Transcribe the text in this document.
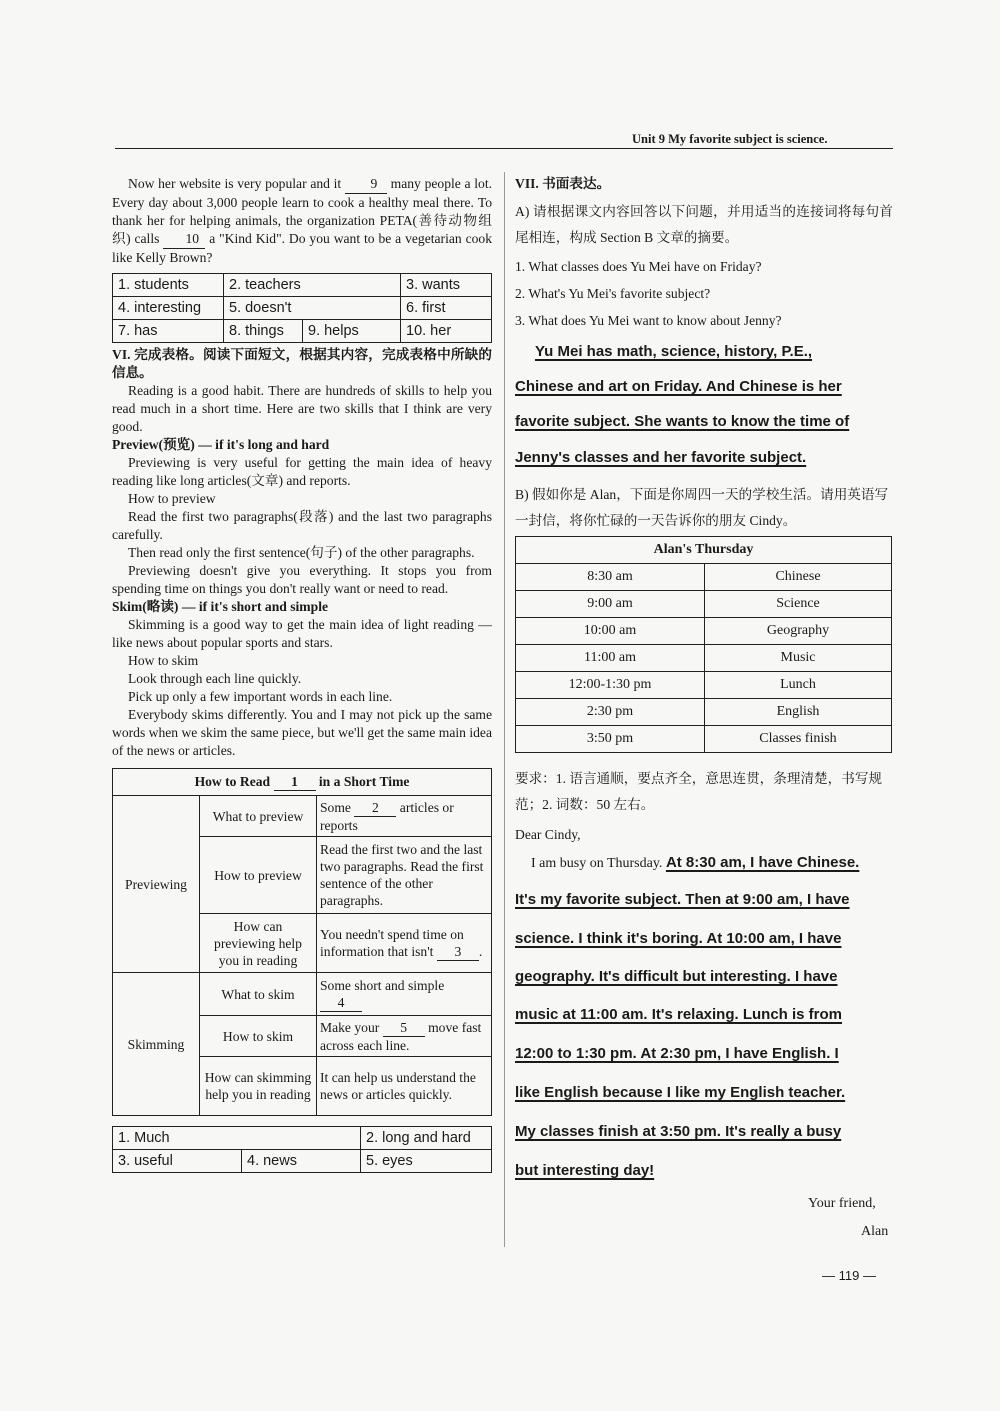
Unit 9 My favorite subject is science.

Now her website is very popular and it 9 many people a lot. Every day about 3,000 people learn to cook a healthy meal there. To thank her for helping animals, the organization PETA(善待动物组织) calls 10 a "Kind Kid". Do you want to be a vegetarian cook like Kelly Brown?

1. students	2. teachers		3. wants
4. interesting	5. doesn't		6. first
7. has	8. things	9. helps	10. her

VI. 完成表格。阅读下面短文，根据其内容，完成表格中所缺的信息。

Reading is a good habit. There are hundreds of skills to help you read much in a short time. Here are two skills that I think are very good.

Preview(预览) — if it's long and hard

Previewing is very useful for getting the main idea of heavy reading like long articles(文章) and reports.

How to preview

Read the first two paragraphs(段落) and the last two paragraphs carefully.

Then read only the first sentence(句子) of the other paragraphs.

Previewing doesn't give you everything. It stops you from spending time on things you don't really want or need to read.

Skim(略读) — if it's short and simple

Skimming is a good way to get the main idea of light reading — like news about popular sports and stars.

How to skim

Look through each line quickly.

Pick up only a few important words in each line.

Everybody skims differently. You and I may not pick up the same words when we skim the same piece, but we'll get the same main idea of the news or articles.

How to Read 1 in a Short Time		
Previewing	What to preview	Some 2 articles or reports
	How to preview	Read the first two and the last two paragraphs. Read the first sentence of the other paragraphs.
	How can previewing help you in reading	You needn't spend time on information that isn't 3 .
Skimming	What to skim	Some short and simple 4
	How to skim	Make your 5 move fast across each line.
	How can skimming help you in reading	It can help us understand the news or articles quickly.
1. Much		2. long and hard
3. useful	4. news	5. eyes

VII. 书面表达。

A) 请根据课文内容回答以下问题，并用适当的连接词将每句首尾相连，构成 Section B 文章的摘要。

1. What classes does Yu Mei have on Friday?

2. What's Yu Mei's favorite subject?

3. What does Yu Mei want to know about Jenny?

Yu Mei has math, science, history, P.E.,
Chinese and art on Friday. And Chinese is her
favorite subject. She wants to know the time of
Jenny's classes and her favorite subject.
B) 假如你是 Alan，下面是你周四一天的学校生活。请用英语写一封信，将你忙碌的一天告诉你的朋友 Cindy。
Alan's Thursday	
8:30 am	Chinese
9:00 am	Science
10:00 am	Geography
11:00 am	Music
12:00-1:30 pm	Lunch
2:30 pm	English
3:50 pm	Classes finish
要求：1. 语言通顺，要点齐全，意思连贯，条理清楚，书写规范；2. 词数：50 左右。
Dear Cindy,
I am busy on Thursday. At 8:30 am, I have Chinese.
It's my favorite subject. Then at 9:00 am, I have
science. I think it's boring. At 10:00 am, I have
geography. It's difficult but interesting. I have
music at 11:00 am. It's relaxing. Lunch is from
12:00 to 1:30 pm. At 2:30 pm, I have English. I
like English because I like my English teacher.
My classes finish at 3:50 pm. It's really a busy
but interesting day!
Your friend,
Alan
— 119 —
